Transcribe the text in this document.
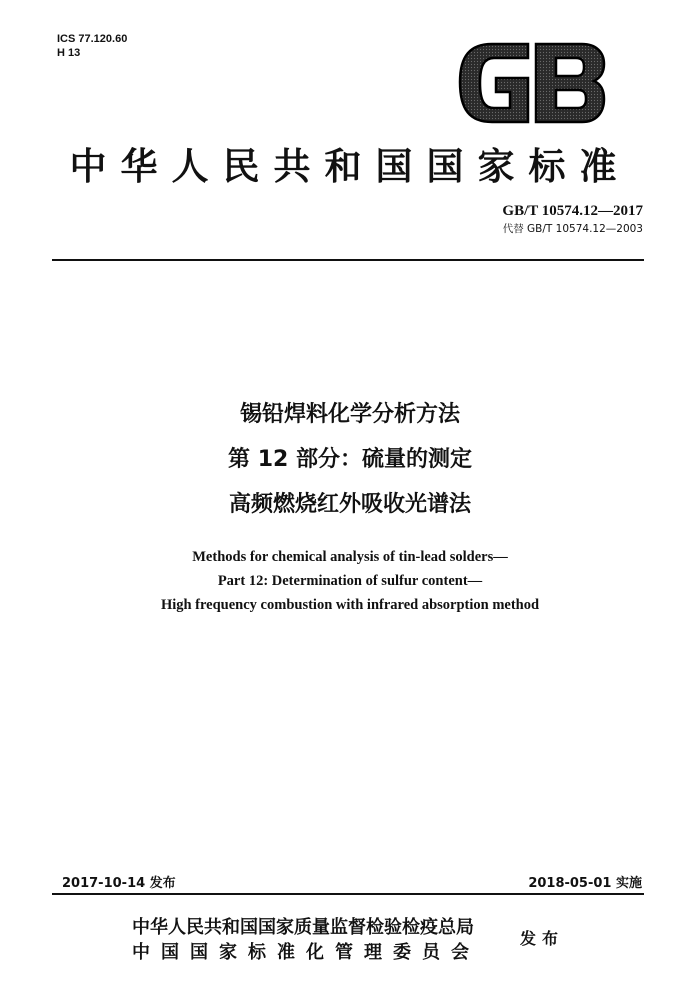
ICS 77.120.60
H 13
中华人民共和国国家标准
GB/T 10574.12—2017
代替 GB/T 10574.12—2003
锡铅焊料化学分析方法
第 12 部分：硫量的测定
高频燃烧红外吸收光谱法
Methods for chemical analysis of tin-lead solders—
Part 12: Determination of sulfur content—
High frequency combustion with infrared absorption method
2017-10-14 发布	2018-05-01 实施
中华人民共和国国家质量监督检验检疫总局
中国国家标准化管理委员会
发布
